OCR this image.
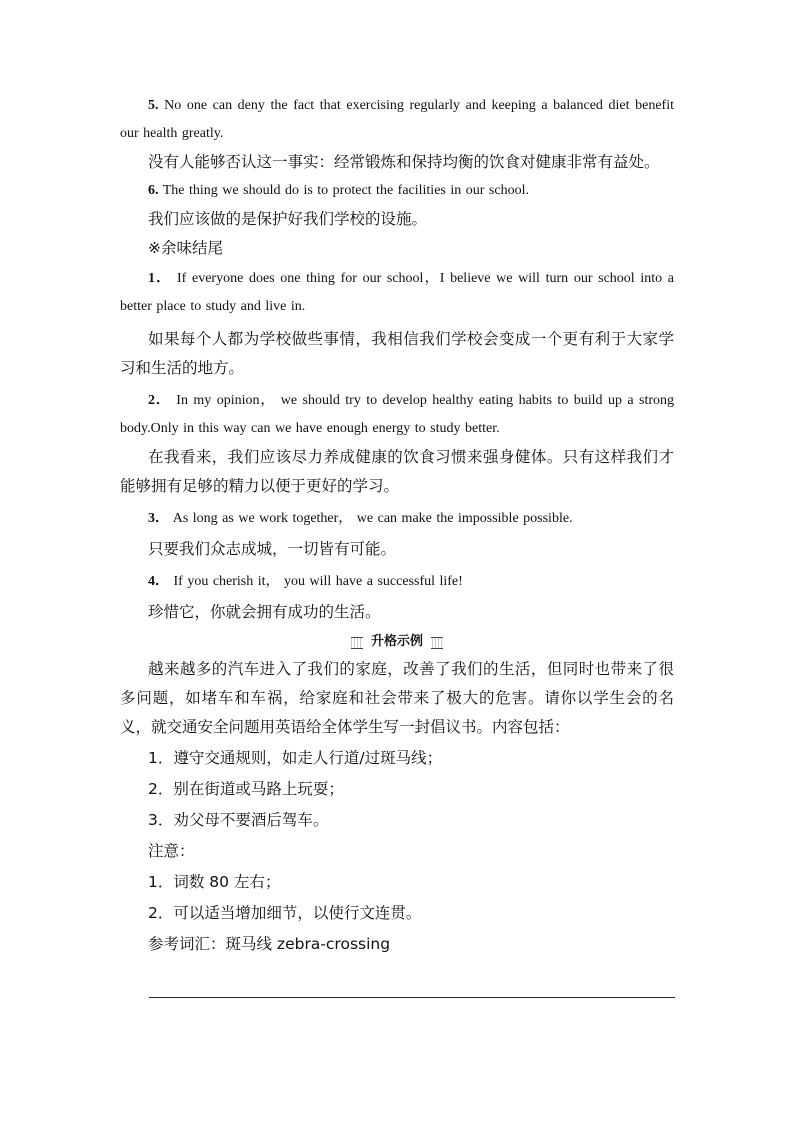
5. No one can deny the fact that exercising regularly and keeping a balanced diet benefit our health greatly.

没有人能够否认这一事实：经常锻炼和保持均衡的饮食对健康非常有益处。

6. The thing we should do is to protect the facilities in our school.

我们应该做的是保护好我们学校的设施。

※余味结尾

1． If everyone does one thing for our school，I believe we will turn our school into a better place to study and live in.

如果每个人都为学校做些事情，我相信我们学校会变成一个更有利于大家学习和生活的地方。

2． In my opinion， we should try to develop healthy eating habits to build up a strong body.Only in this way can we have enough energy to study better.

在我看来，我们应该尽力养成健康的饮食习惯来强身健体。只有这样我们才能够拥有足够的精力以便于更好的学习。

3． As long as we work together， we can make the impossible possible.

只要我们众志成城，一切皆有可能。

4． If you cherish it， you will have a successful life!

珍惜它，你就会拥有成功的生活。

升格示例

越来越多的汽车进入了我们的家庭，改善了我们的生活，但同时也带来了很多问题，如堵车和车祸，给家庭和社会带来了极大的危害。请你以学生会的名义，就交通安全问题用英语给全体学生写一封倡议书。内容包括：

1．遵守交通规则，如走人行道/过斑马线；

2．别在街道或马路上玩耍；

3．劝父母不要酒后驾车。

注意：

1．词数 80 左右；

2．可以适当增加细节，以使行文连贯。

参考词汇：斑马线 zebra-crossing
